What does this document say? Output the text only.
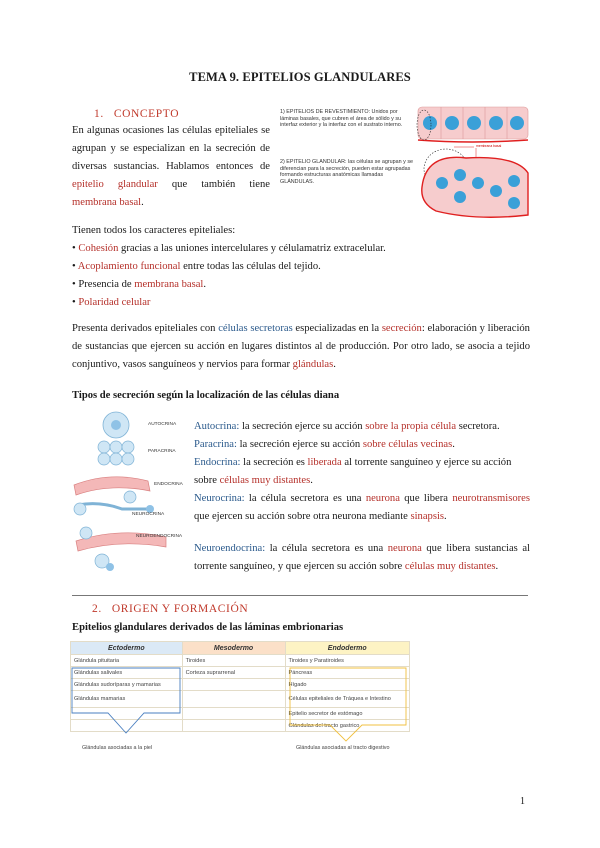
TEMA 9. EPITELIOS GLANDULARES
1. CONCEPTO
En algunas ocasiones las células epiteliales se agrupan y se especializan en la secreción de diversas sustancias. Hablamos entonces de epitelio glandular que también tiene membrana basal.
1) EPITELIOS DE REVESTIMIENTO: Unidos por láminas basales, que cubren el área de sólido y su interfaz exterior y la interfaz con el sustrato interno.
2) EPITELIO GLANDULAR: las células se agrupan y se diferencian para la secreción, pueden estar agrupadas formando estructuras anatómicas llamadas GLÁNDULAS.
membrana basal
Tienen todos los caracteres epiteliales:
• Cohesión gracias a las uniones intercelulares y célulamatriz extracelular.
• Acoplamiento funcional entre todas las células del tejido.
• Presencia de membrana basal.
• Polaridad celular
Presenta derivados epiteliales con células secretoras especializadas en la secreción: elaboración y liberación de sustancias que ejercen su acción en lugares distintos al de producción. Por otro lado, se asocia a tejido conjuntivo, vasos sanguíneos y nervios para formar glándulas.
Tipos de secreción según la localización de las células diana
AUTOCRINA
PARACRINA
ENDOCRINA
NEUROCRINA
NEUROENDOCRINA
Autocrina: la secreción ejerce su acción sobre la propia célula secretora.
Paracrina: la secreción ejerce su acción sobre células vecinas.
Endocrina: la secreción es liberada al torrente sanguíneo y ejerce su acción sobre células muy distantes.
Neurocrina: la célula secretora es una neurona que libera neurotransmisores que ejercen su acción sobre otra neurona mediante sinapsis.
Neuroendocrina: la célula secretora es una neurona que libera sustancias al torrente sanguíneo, y que ejercen su acción sobre células muy distantes.
2. ORIGEN Y FORMACIÓN
Epitelios glandulares derivados de las láminas embrionarias
Ectodermo	Mesodermo	Endodermo
Glándula pituitaria	Tiroides	Tiroides y Paratiroides
Glándulas salivales	Corteza suprarrenal	Páncreas
Glándulas sudoríparas y mamarias		Hígado
Glándulas mamarias		Células epiteliales de Tráquea e Intestino
		Epitelio secretor de estómago
		Glándulas del tracto gastrico
Glándulas asociadas a la piel	Glándulas asociadas al tracto digestivo
1
